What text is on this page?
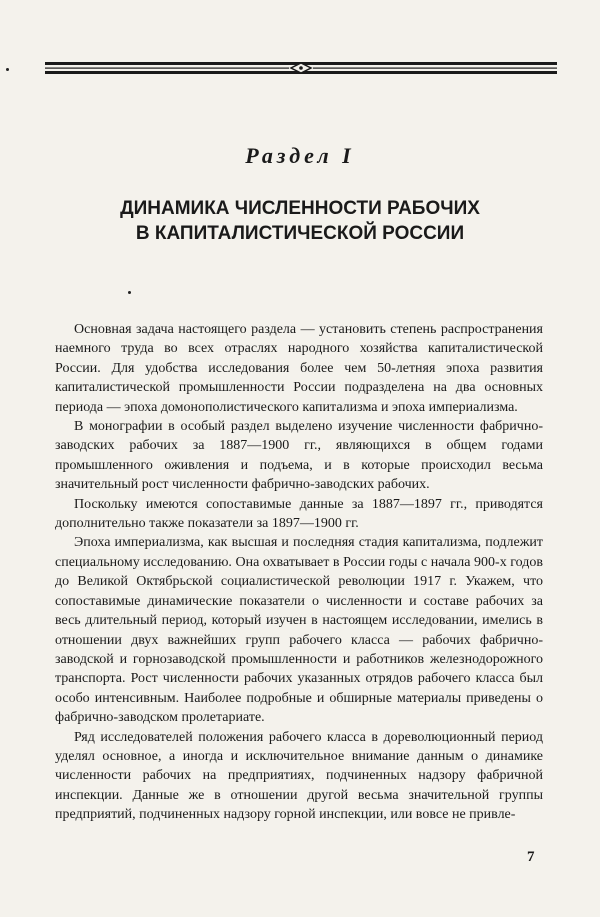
Раздел I
ДИНАМИКА ЧИСЛЕННОСТИ РАБОЧИХ
В КАПИТАЛИСТИЧЕСКОЙ РОССИИ

Основная задача настоящего раздела — установить степень распространения наемного труда во всех отраслях народного хозяйства капиталистической России. Для удобства исследования более чем 50-летняя эпоха развития капиталистической промышленности России подразделена на два основных периода — эпоха домонополистического капитализма и эпоха империализма.

В монографии в особый раздел выделено изучение численности фабрично-заводских рабочих за 1887—1900 гг., являющихся в общем годами промышленного оживления и подъема, и в которые происходил весьма значительный рост численности фабрично-заводских рабочих.

Поскольку имеются сопоставимые данные за 1887—1897 гг., приводятся дополнительно также показатели за 1897—1900 гг.

Эпоха империализма, как высшая и последняя стадия капитализма, подлежит специальному исследованию. Она охватывает в России годы с начала 900-х годов до Великой Октябрьской социалистической революции 1917 г. Укажем, что сопоставимые динамические показатели о численности и составе рабочих за весь длительный период, который изучен в настоящем исследовании, имелись в отношении двух важнейших групп рабочего класса — рабочих фабрично-заводской и горнозаводской промышленности и работников железнодорожного транспорта. Рост численности рабочих указанных отрядов рабочего класса был особо интенсивным. Наиболее подробные и обширные материалы приведены о фабрично-заводском пролетариате.

Ряд исследователей положения рабочего класса в дореволюционный период уделял основное, а иногда и исключительное внимание данным о динамике численности рабочих на предприятиях, подчиненных надзору фабричной инспекции. Данные же в отношении другой весьма значительной группы предприятий, подчиненных надзору горной инспекции, или вовсе не привле-

7
